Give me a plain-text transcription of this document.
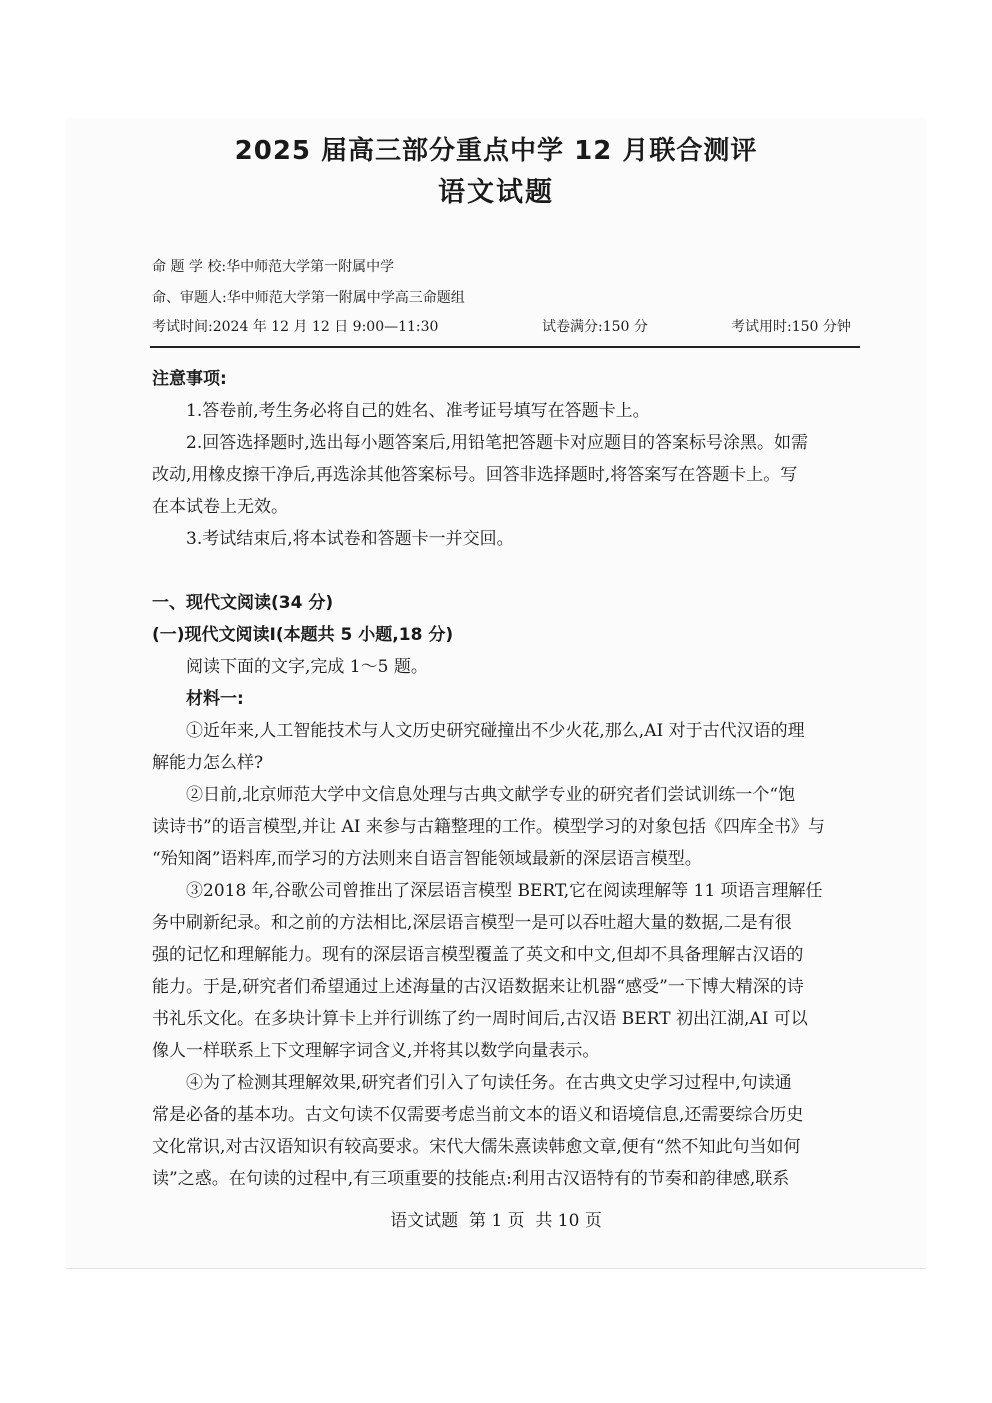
2025 届高三部分重点中学 12 月联合测评
语文试题
命 题 学 校:华中师范大学第一附属中学
命、审题人:华中师范大学第一附属中学高三命题组
考试时间:2024 年 12 月 12 日 9:00—11:30	试卷满分:150 分	考试用时:150 分钟
注意事项:
1.答卷前,考生务必将自己的姓名、准考证号填写在答题卡上。
2.回答选择题时,选出每小题答案后,用铅笔把答题卡对应题目的答案标号涂黑。如需
改动,用橡皮擦干净后,再选涂其他答案标号。回答非选择题时,将答案写在答题卡上。写
在本试卷上无效。
3.考试结束后,将本试卷和答题卡一并交回。
一、现代文阅读(34 分)
(一)现代文阅读Ⅰ(本题共 5 小题,18 分)
阅读下面的文字,完成 1～5 题。
材料一:
①近年来,人工智能技术与人文历史研究碰撞出不少火花,那么,AI 对于古代汉语的理
解能力怎么样?
②日前,北京师范大学中文信息处理与古典文献学专业的研究者们尝试训练一个“饱
读诗书”的语言模型,并让 AI 来参与古籍整理的工作。模型学习的对象包括《四库全书》与
“殆知阁”语料库,而学习的方法则来自语言智能领域最新的深层语言模型。
③2018 年,谷歌公司曾推出了深层语言模型 BERT,它在阅读理解等 11 项语言理解任
务中刷新纪录。和之前的方法相比,深层语言模型一是可以吞吐超大量的数据,二是有很
强的记忆和理解能力。现有的深层语言模型覆盖了英文和中文,但却不具备理解古汉语的
能力。于是,研究者们希望通过上述海量的古汉语数据来让机器“感受”一下博大精深的诗
书礼乐文化。在多块计算卡上并行训练了约一周时间后,古汉语 BERT 初出江湖,AI 可以
像人一样联系上下文理解字词含义,并将其以数学向量表示。
④为了检测其理解效果,研究者们引入了句读任务。在古典文史学习过程中,句读通
常是必备的基本功。古文句读不仅需要考虑当前文本的语义和语境信息,还需要综合历史
文化常识,对古汉语知识有较高要求。宋代大儒朱熹读韩愈文章,便有“然不知此句当如何
读”之惑。在句读的过程中,有三项重要的技能点:利用古汉语特有的节奏和韵律感,联系
语文试题  第 1 页  共 10 页
